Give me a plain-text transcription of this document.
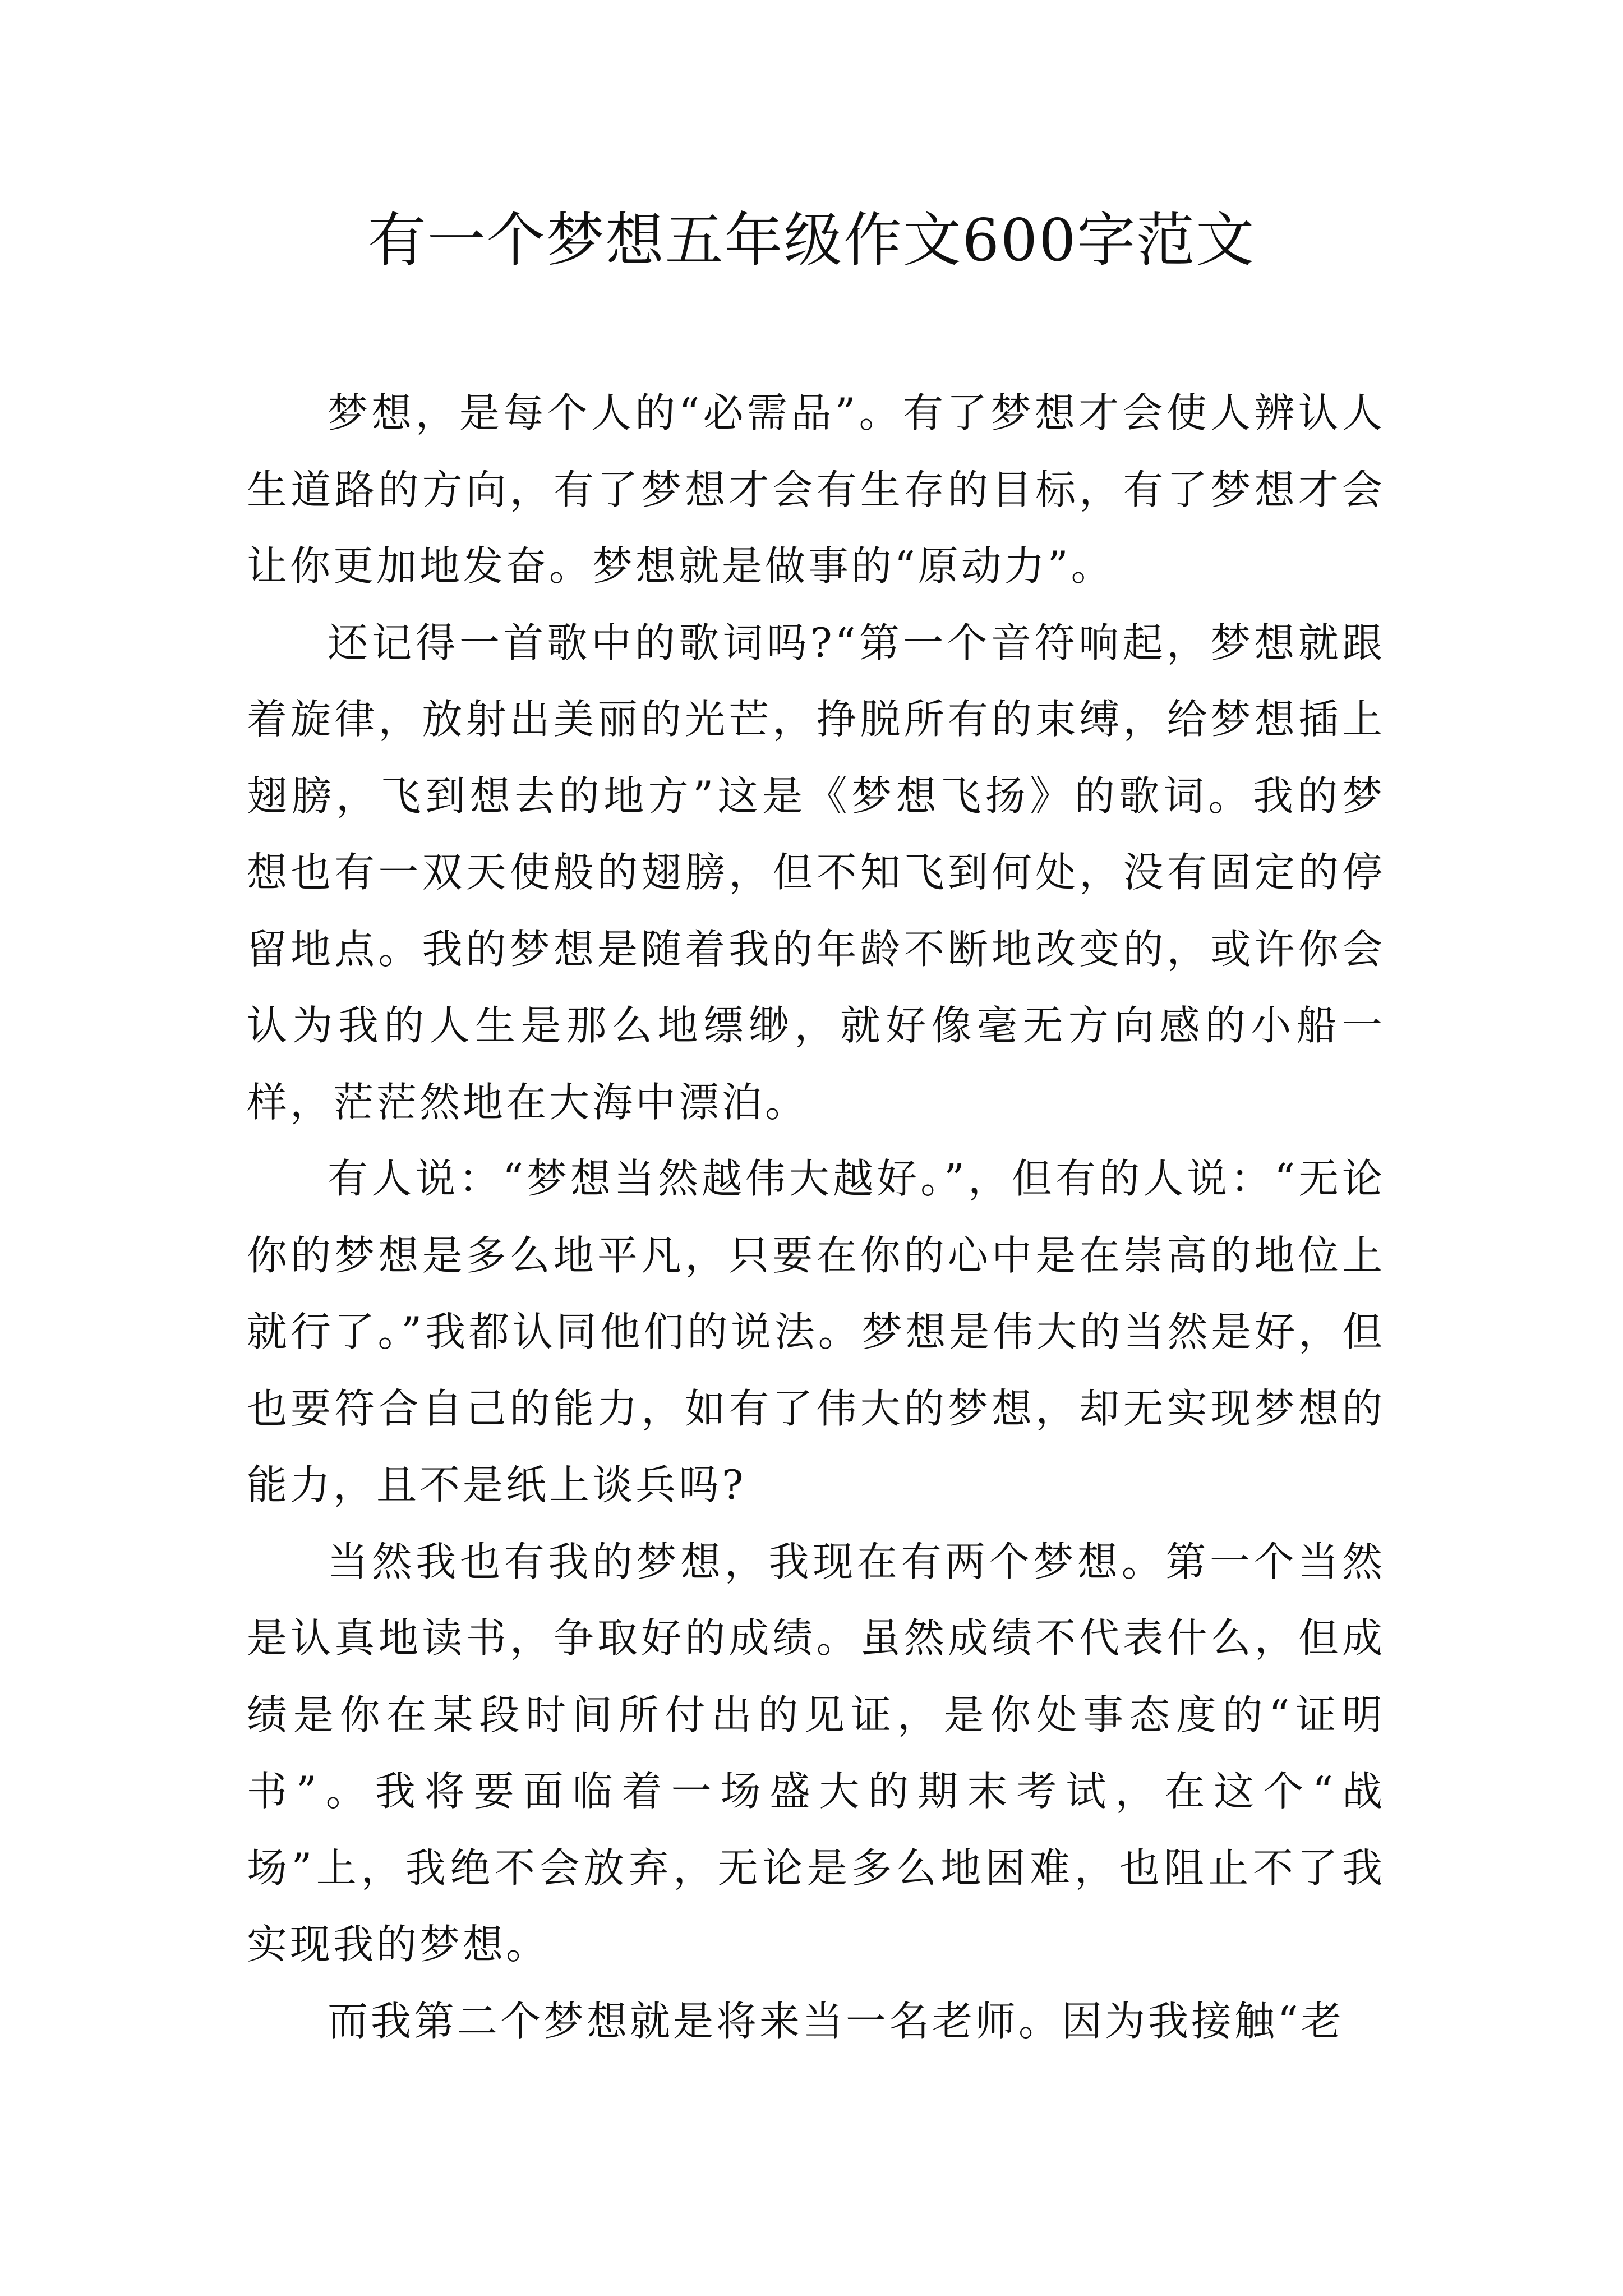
有一个梦想五年级作文600字范文

梦想，是每个人的“必需品”。有了梦想才会使人辨认人生道路的方向，有了梦想才会有生存的目标，有了梦想才会让你更加地发奋。梦想就是做事的“原动力”。

还记得一首歌中的歌词吗?“第一个音符响起，梦想就跟着旋律，放射出美丽的光芒，挣脱所有的束缚，给梦想插上翅膀，飞到想去的地方”这是《梦想飞扬》的歌词。我的梦想也有一双天使般的翅膀，但不知飞到何处，没有固定的停留地点。我的梦想是随着我的年龄不断地改变的，或许你会认为我的人生是那么地缥缈，就好像毫无方向感的小船一样，茫茫然地在大海中漂泊。

有人说：“梦想当然越伟大越好。”，但有的人说：“无论你的梦想是多么地平凡，只要在你的心中是在崇高的地位上就行了。”我都认同他们的说法。梦想是伟大的当然是好，但也要符合自己的能力，如有了伟大的梦想，却无实现梦想的能力，且不是纸上谈兵吗?

当然我也有我的梦想，我现在有两个梦想。第一个当然是认真地读书，争取好的成绩。虽然成绩不代表什么，但成绩是你在某段时间所付出的见证，是你处事态度的“证明书”。我将要面临着一场盛大的期末考试，在这个“战场”上，我绝不会放弃，无论是多么地困难，也阻止不了我实现我的梦想。

而我第二个梦想就是将来当一名老师。因为我接触“老
